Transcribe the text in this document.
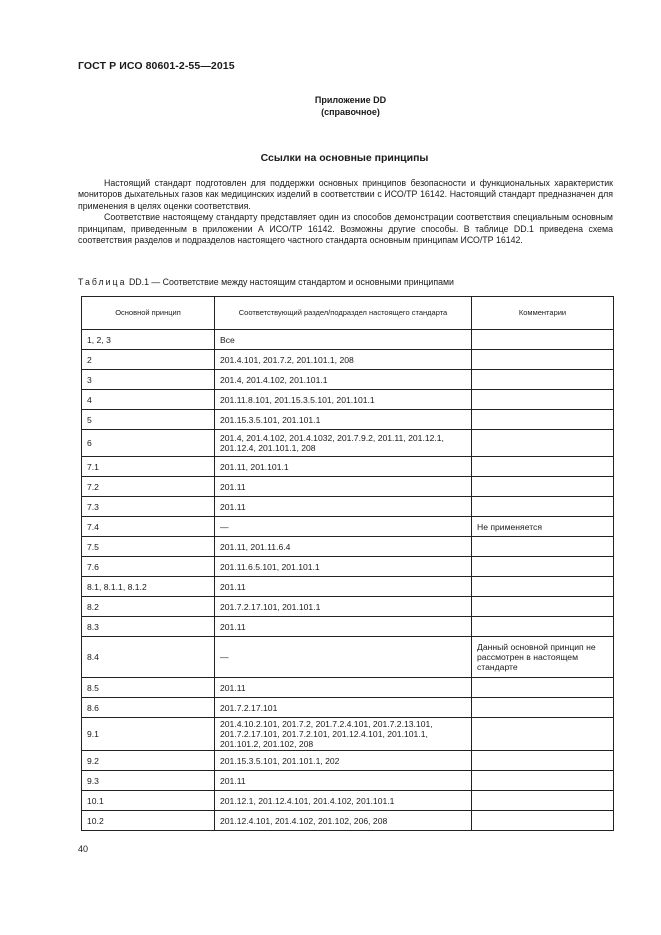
ГОСТ Р ИСО 80601-2-55—2015
Приложение DD
(справочное)
Ссылки на основные принципы

Настоящий стандарт подготовлен для поддержки основных принципов безопасности и функциональных характеристик мониторов дыхательных газов как медицинских изделий в соответствии с ИСО/ТР 16142. Настоящий стандарт предназначен для применения в целях оценки соответствия.

Соответствие настоящему стандарту представляет один из способов демонстрации соответствия специальным основным принципам, приведенным в приложении А ИСО/ТР 16142. Возможны другие способы. В таблице DD.1 приведена схема соответствия разделов и подразделов настоящего частного стандарта основным принципам ИСО/ТР 16142.

Таблица DD.1 — Соответствие между настоящим стандартом и основными принципами
Основной принцип	Соответствующий раздел/подраздел настоящего стандарта	Комментарии
1, 2, 3	Все	
2	201.4.101, 201.7.2, 201.101.1, 208	
3	201.4, 201.4.102, 201.101.1	
4	201.11.8.101, 201.15.3.5.101, 201.101.1	
5	201.15.3.5.101, 201.101.1	
6	201.4, 201.4.102, 201.4.1032, 201.7.9.2, 201.11, 201.12.1, 201.12.4, 201.101.1, 208	
7.1	201.11, 201.101.1	
7.2	201.11	
7.3	201.11	
7.4	—	Не применяется
7.5	201.11, 201.11.6.4	
7.6	201.11.6.5.101, 201.101.1	
8.1, 8.1.1, 8.1.2	201.11	
8.2	201.7.2.17.101, 201.101.1	
8.3	201.11	
8.4	—	Данный основной принцип не рассмотрен в настоящем стандарте
8.5	201.11	
8.6	201.7.2.17.101	
9.1	201.4.10.2.101, 201.7.2, 201.7.2.4.101, 201.7.2.13.101, 201.7.2.17.101, 201.7.2.101, 201.12.4.101, 201.101.1, 201.101.2, 201.102, 208	
9.2	201.15.3.5.101, 201.101.1, 202	
9.3	201.11	
10.1	201.12.1, 201.12.4.101, 201.4.102, 201.101.1	
10.2	201.12.4.101, 201.4.102, 201.102, 206, 208	
40
